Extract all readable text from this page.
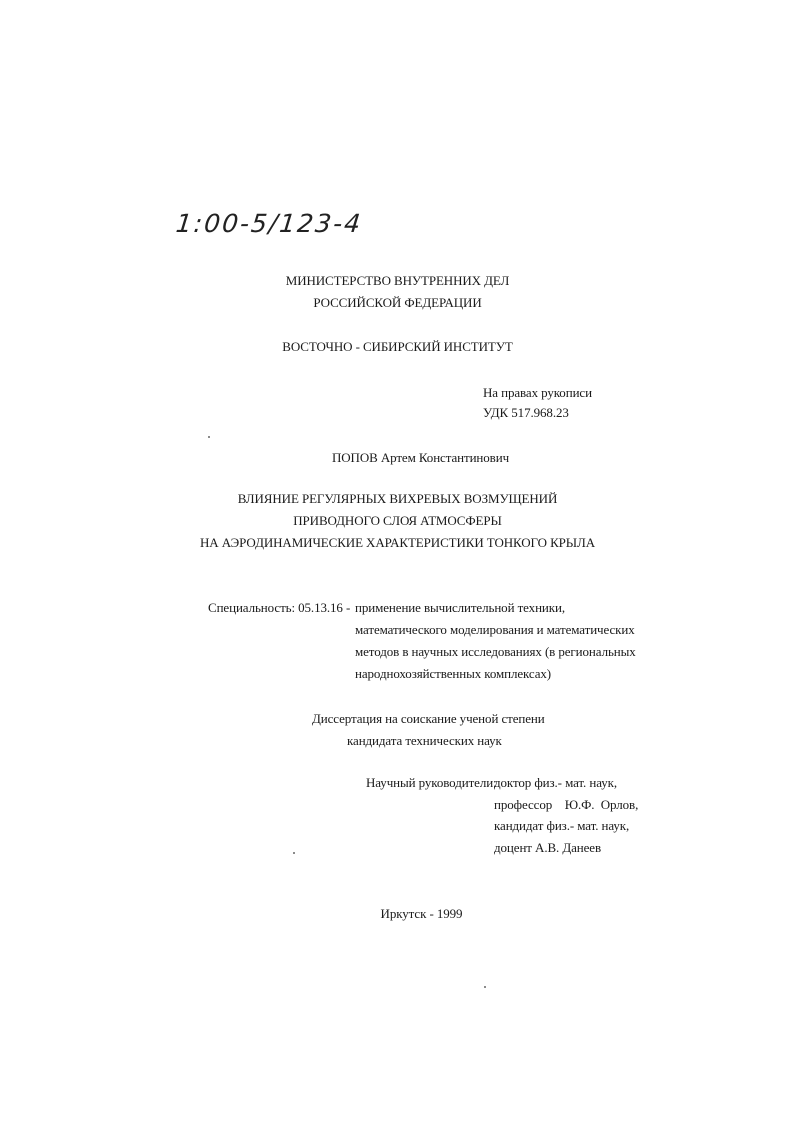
1:00-5/123-4
МИНИСТЕРСТВО ВНУТРЕННИХ ДЕЛ
РОССИЙСКОЙ ФЕДЕРАЦИИ
ВОСТОЧНО - СИБИРСКИЙ ИНСТИТУТ
На правах рукописи
УДК 517.968.23
ПОПОВ Артем Константинович
ВЛИЯНИЕ РЕГУЛЯРНЫХ ВИХРЕВЫХ ВОЗМУЩЕНИЙ
ПРИВОДНОГО СЛОЯ АТМОСФЕРЫ
НА АЭРОДИНАМИЧЕСКИЕ ХАРАКТЕРИСТИКИ ТОНКОГО КРЫЛА
Специальность: 05.13.16 - применение вычислительной техники,
математического моделирования и математических
методов в научных исследованиях (в региональных
народнохозяйственных комплексах)
Диссертация на соискание ученой степени
кандидата технических наук
Научный руководители:
доктор физ.- мат. наук,
профессор    Ю.Ф.  Орлов,
кандидат физ.- мат. наук,
доцент А.В. Данеев
Иркутск - 1999
